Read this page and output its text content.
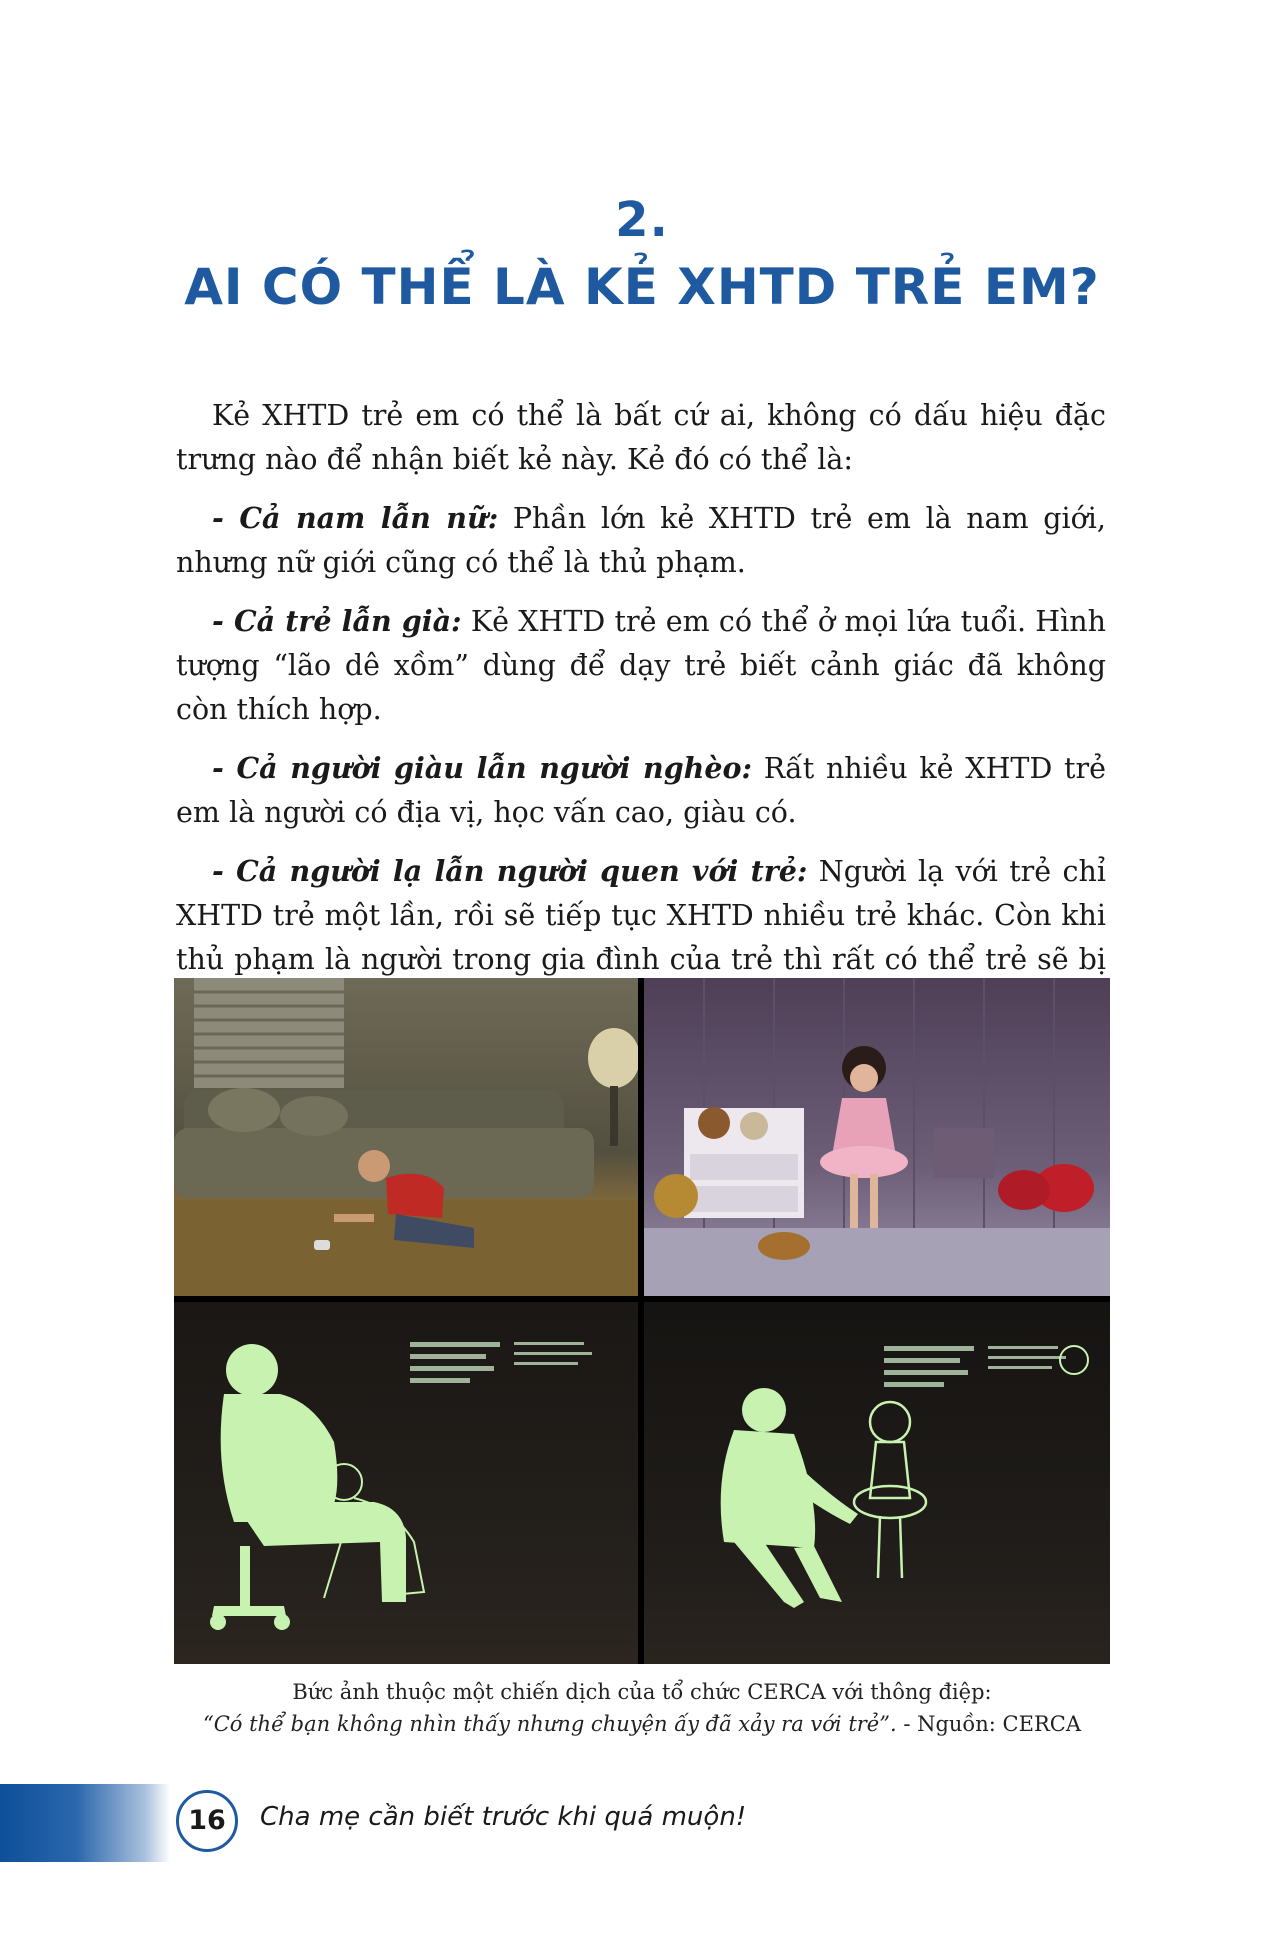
2.
AI CÓ THỂ LÀ KẺ XHTD TRẺ EM?

Kẻ XHTD trẻ em có thể là bất cứ ai, không có dấu hiệu đặc trưng nào để nhận biết kẻ này. Kẻ đó có thể là:

- Cả nam lẫn nữ: Phần lớn kẻ XHTD trẻ em là nam giới, nhưng nữ giới cũng có thể là thủ phạm.

- Cả trẻ lẫn già: Kẻ XHTD trẻ em có thể ở mọi lứa tuổi. Hình tượng “lão dê xồm” dùng để dạy trẻ biết cảnh giác đã không còn thích hợp.

- Cả người giàu lẫn người nghèo: Rất nhiều kẻ XHTD trẻ em là người có địa vị, học vấn cao, giàu có.

- Cả người lạ lẫn người quen với trẻ: Người lạ với trẻ chỉ XHTD trẻ một lần, rồi sẽ tiếp tục XHTD nhiều trẻ khác. Còn khi thủ phạm là người trong gia đình của trẻ thì rất có thể trẻ sẽ bị

Bức ảnh thuộc một chiến dịch của tổ chức CERCA với thông điệp:
“Có thể bạn không nhìn thấy nhưng chuyện ấy đã xảy ra với trẻ”. - Nguồn: CERCA
16	Cha mẹ cần biết trước khi quá muộn!
